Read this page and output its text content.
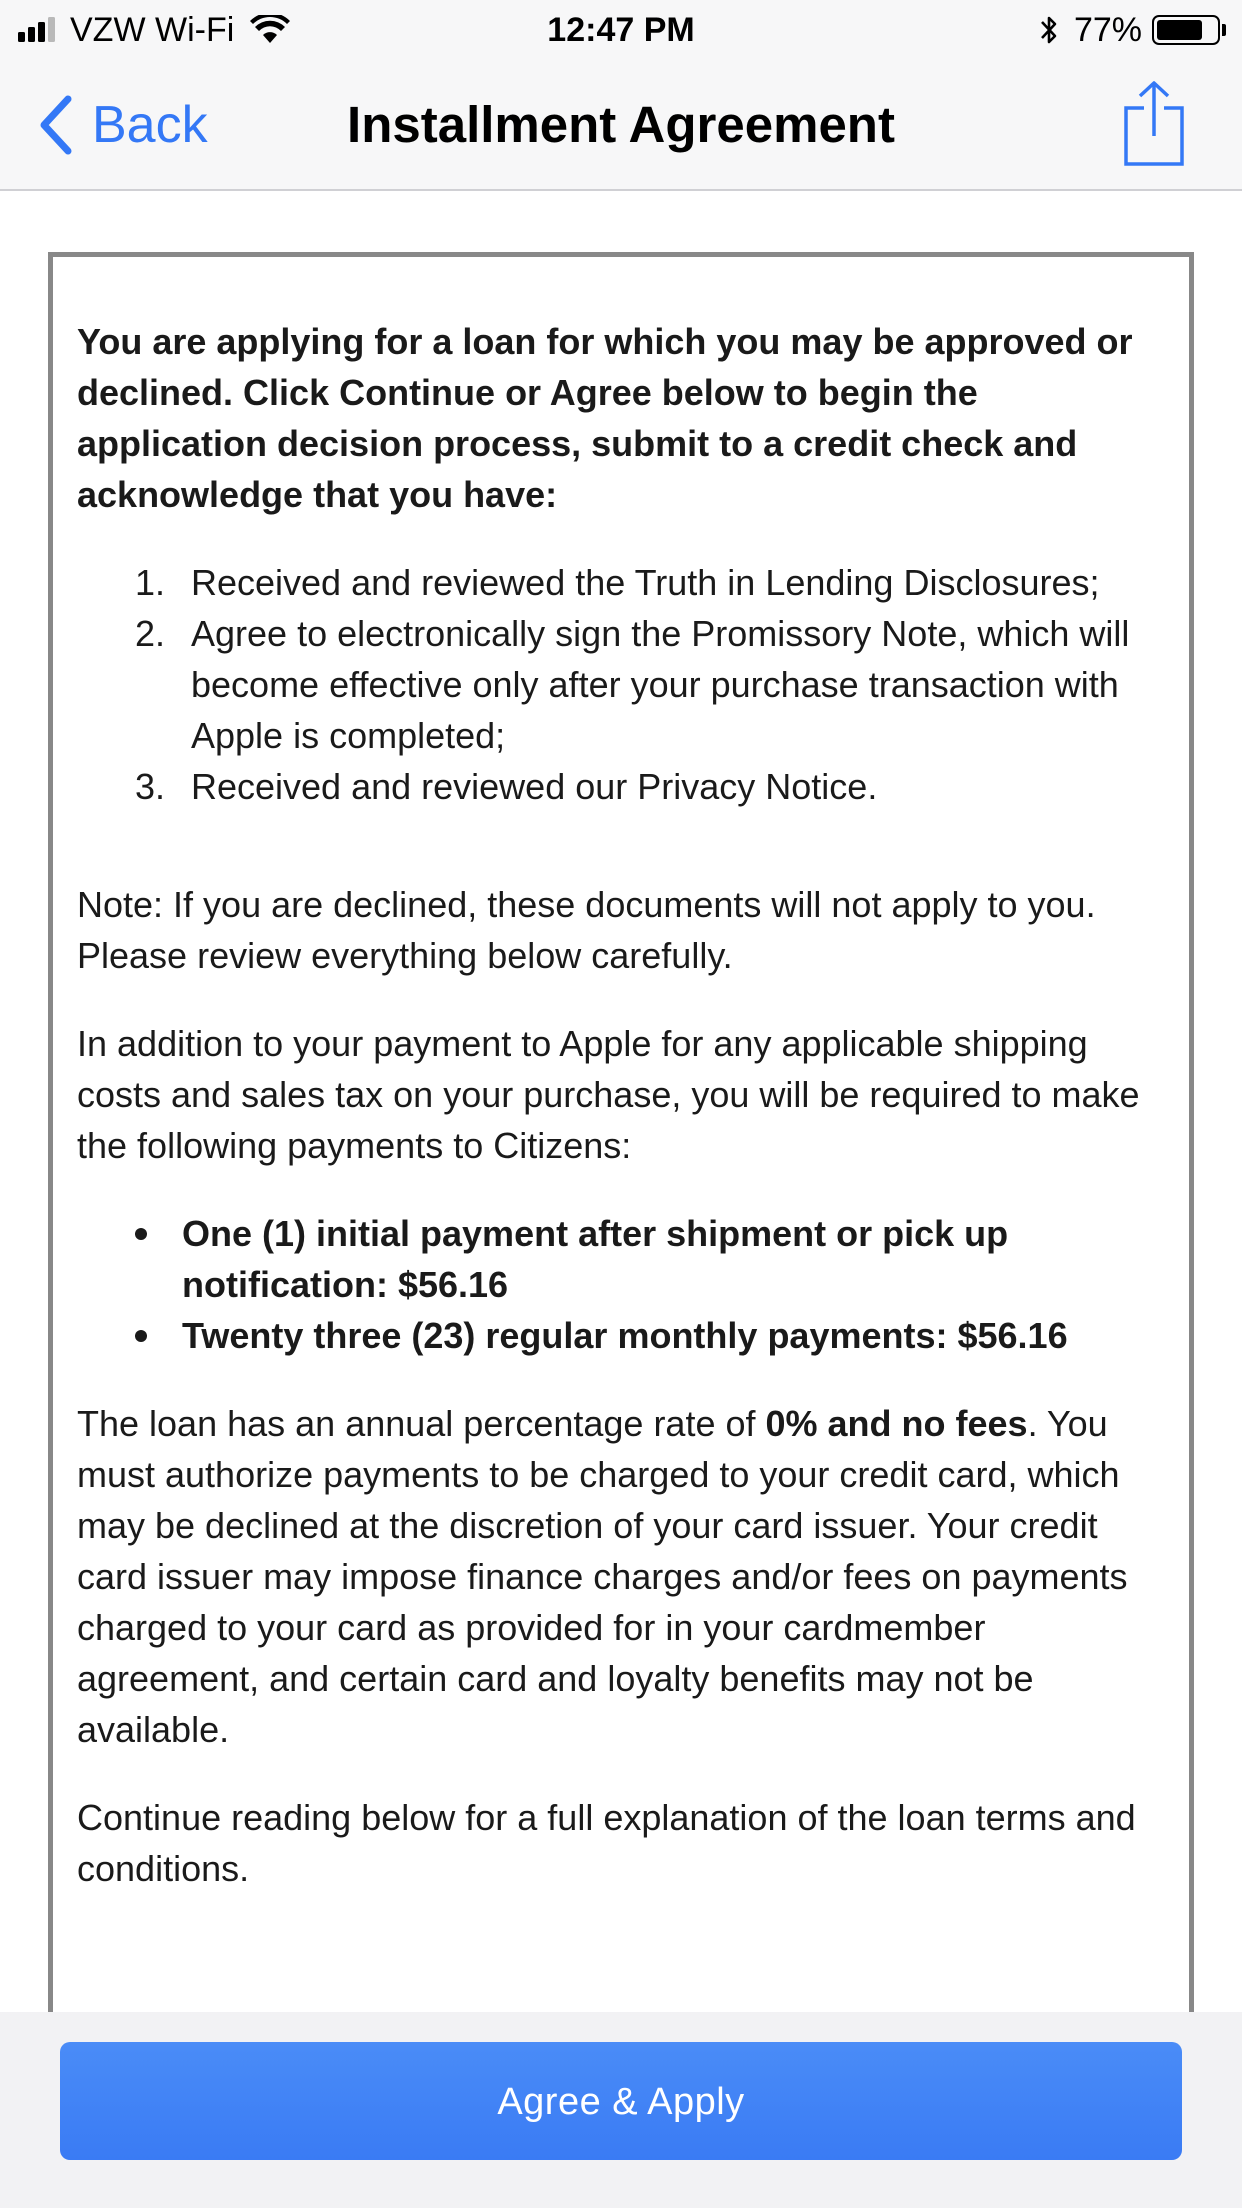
VZW Wi-Fi	12:47 PM	77%
Back	Installment Agreement

You are applying for a loan for which you may be approved or declined. Click Continue or Agree below to begin the application decision process, submit to a credit check and acknowledge that you have:

1. Received and reviewed the Truth in Lending Disclosures;
2. Agree to electronically sign the Promissory Note, which will become effective only after your purchase transaction with Apple is completed;
3. Received and reviewed our Privacy Notice.

Note: If you are declined, these documents will not apply to you. Please review everything below carefully.

In addition to your payment to Apple for any applicable shipping costs and sales tax on your purchase, you will be required to make the following payments to Citizens:

One (1) initial payment after shipment or pick up notification: $56.16
Twenty three (23) regular monthly payments: $56.16

The loan has an annual percentage rate of 0% and no fees. You must authorize payments to be charged to your credit card, which may be declined at the discretion of your card issuer. Your credit card issuer may impose finance charges and/or fees on payments charged to your card as provided for in your cardmember agreement, and certain card and loyalty benefits may not be available.

Continue reading below for a full explanation of the loan terms and conditions.

Agree & Apply
